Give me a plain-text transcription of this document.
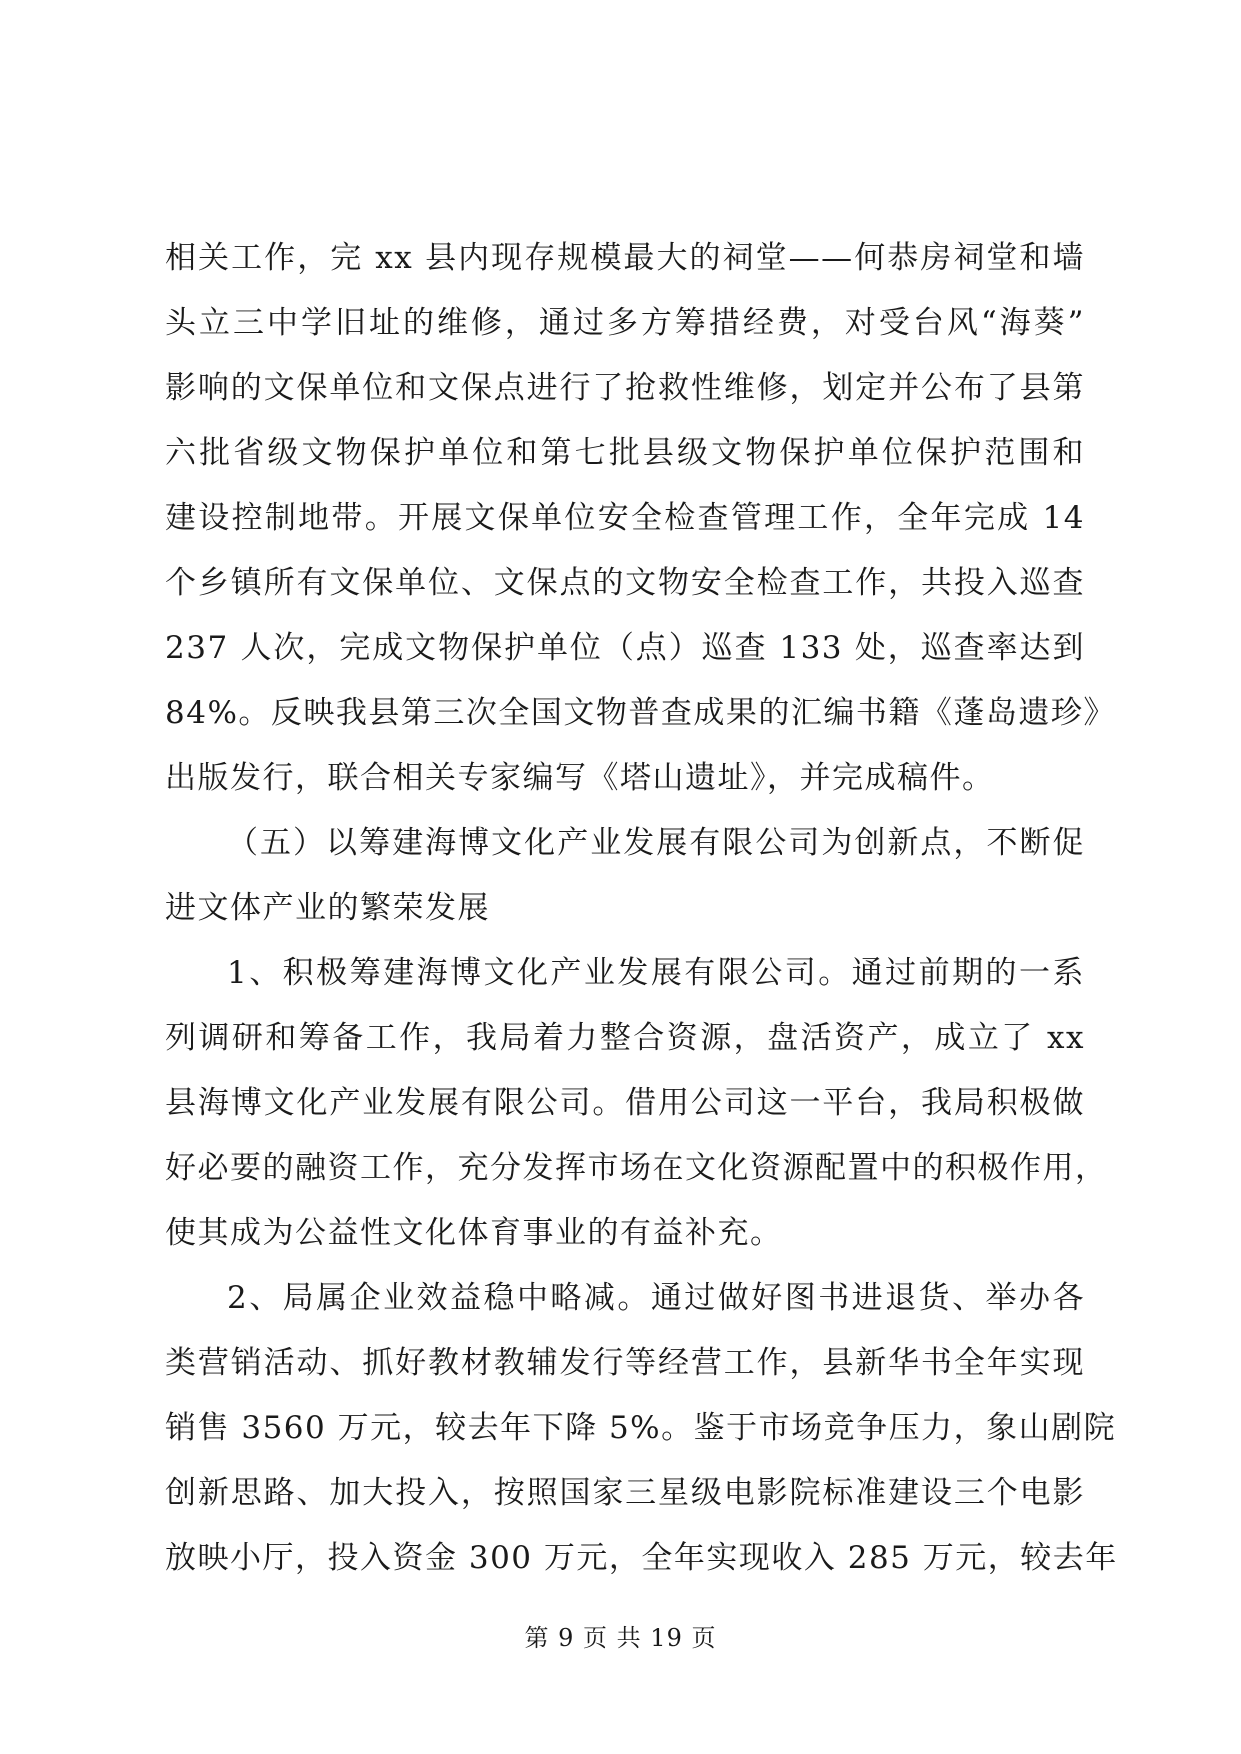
相关工作，完 xx 县内现存规模最大的祠堂——何恭房祠堂和墙
头立三中学旧址的维修，通过多方筹措经费，对受台风“海葵”
影响的文保单位和文保点进行了抢救性维修，划定并公布了县第
六批省级文物保护单位和第七批县级文物保护单位保护范围和
建设控制地带。开展文保单位安全检查管理工作，全年完成 14
个乡镇所有文保单位、文保点的文物安全检查工作，共投入巡查
237 人次，完成文物保护单位（点）巡查 133 处，巡查率达到
84%。反映我县第三次全国文物普查成果的汇编书籍《蓬岛遗珍》
出版发行，联合相关专家编写《塔山遗址》，并完成稿件。
（五）以筹建海博文化产业发展有限公司为创新点，不断促
进文体产业的繁荣发展
1、积极筹建海博文化产业发展有限公司。通过前期的一系
列调研和筹备工作，我局着力整合资源，盘活资产，成立了 xx
县海博文化产业发展有限公司。借用公司这一平台，我局积极做
好必要的融资工作，充分发挥市场在文化资源配置中的积极作用，
使其成为公益性文化体育事业的有益补充。
2、局属企业效益稳中略减。通过做好图书进退货、举办各
类营销活动、抓好教材教辅发行等经营工作，县新华书全年实现
销售 3560 万元，较去年下降 5%。鉴于市场竞争压力，象山剧院
创新思路、加大投入，按照国家三星级电影院标准建设三个电影
放映小厅，投入资金 300 万元，全年实现收入 285 万元，较去年
第 9 页 共 19 页
